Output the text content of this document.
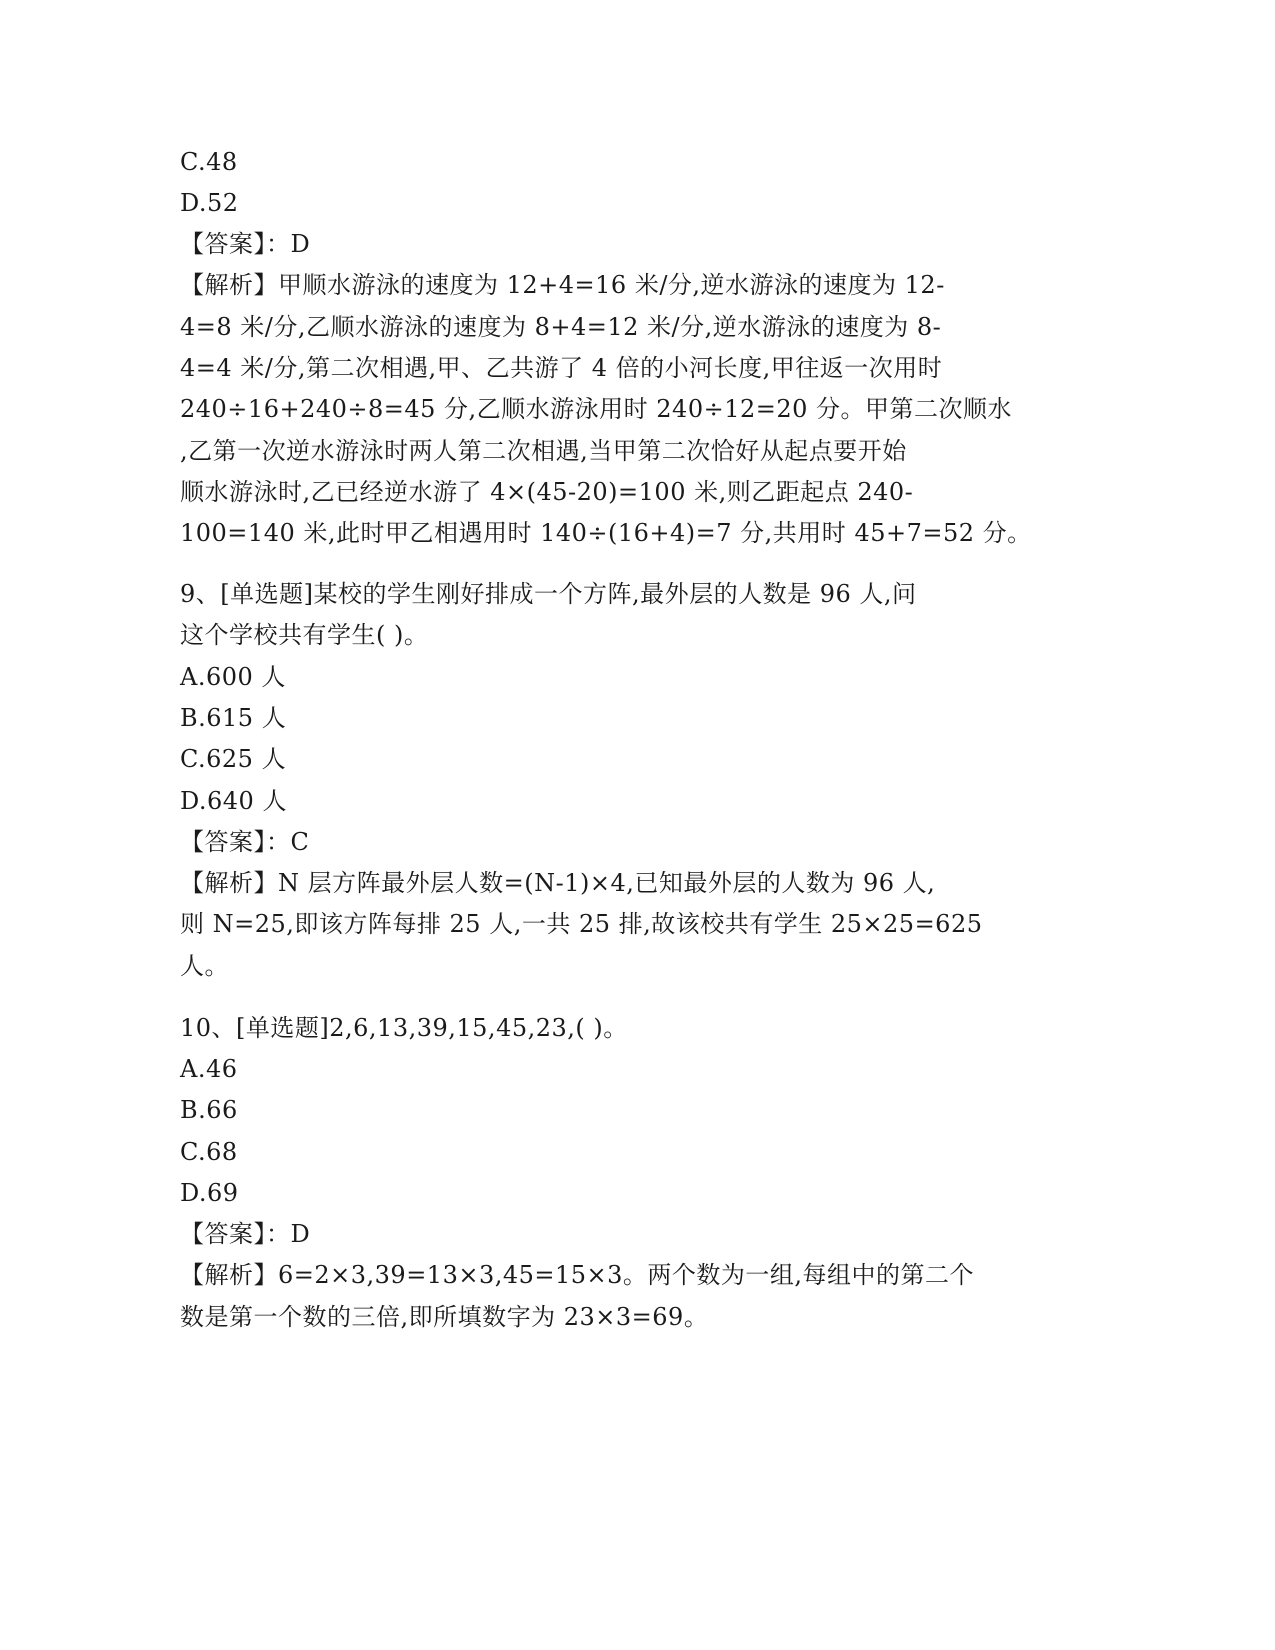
C.48
D.52
【答案】：D
【解析】甲顺水游泳的速度为 12+4=16 米/分,逆水游泳的速度为 12-
4=8 米/分,乙顺水游泳的速度为 8+4=12 米/分,逆水游泳的速度为 8-
4=4 米/分,第二次相遇,甲、乙共游了 4 倍的小河长度,甲往返一次用时
240÷16+240÷8=45 分,乙顺水游泳用时 240÷12=20 分。甲第二次顺水
,乙第一次逆水游泳时两人第二次相遇,当甲第二次恰好从起点要开始
顺水游泳时,乙已经逆水游了 4×(45-20)=100 米,则乙距起点 240-
100=140 米,此时甲乙相遇用时 140÷(16+4)=7 分,共用时 45+7=52 分。
9、[单选题]某校的学生刚好排成一个方阵,最外层的人数是 96 人,问
这个学校共有学生( )。
A.600 人
B.615 人
C.625 人
D.640 人
【答案】：C
【解析】N 层方阵最外层人数=(N-1)×4,已知最外层的人数为 96 人,
则 N=25,即该方阵每排 25 人,一共 25 排,故该校共有学生 25×25=625
人。
10、[单选题]2,6,13,39,15,45,23,( )。
A.46
B.66
C.68
D.69
【答案】：D
【解析】6=2×3,39=13×3,45=15×3。两个数为一组,每组中的第二个
数是第一个数的三倍,即所填数字为 23×3=69。
